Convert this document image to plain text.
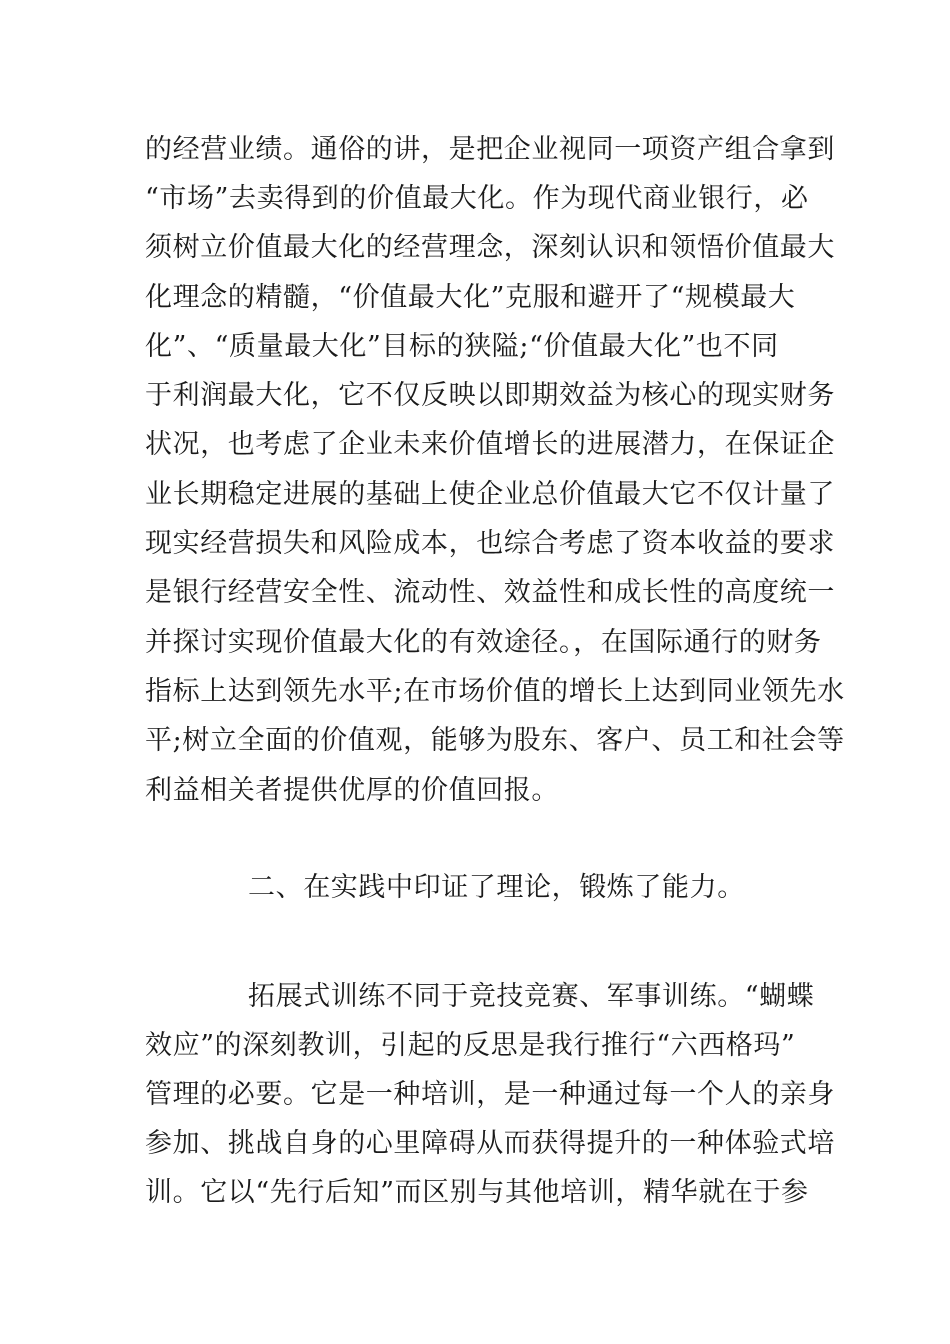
的经营业绩。通俗的讲，是把企业视同一项资产组合拿到
“市场”去卖得到的价值最大化。作为现代商业银行，必
须树立价值最大化的经营理念，深刻认识和领悟价值最大
化理念的精髓，“价值最大化”克服和避开了“规模最大
化”、“质量最大化”目标的狭隘;“价值最大化”也不同
于利润最大化，它不仅反映以即期效益为核心的现实财务
状况，也考虑了企业未来价值增长的进展潜力，在保证企
业长期稳定进展的基础上使企业总价值最大它不仅计量了
现实经营损失和风险成本，也综合考虑了资本收益的要求
是银行经营安全性、流动性、效益性和成长性的高度统一
并探讨实现价值最大化的有效途径。，在国际通行的财务
指标上达到领先水平;在市场价值的增长上达到同业领先水
平;树立全面的价值观，能够为股东、客户、员工和社会等
利益相关者提供优厚的价值回报。
二、在实践中印证了理论，锻炼了能力。
拓展式训练不同于竞技竞赛、军事训练。“蝴蝶
效应”的深刻教训，引起的反思是我行推行“六西格玛”
管理的必要。它是一种培训，是一种通过每一个人的亲身
参加、挑战自身的心里障碍从而获得提升的一种体验式培
训。它以“先行后知”而区别与其他培训，精华就在于参
